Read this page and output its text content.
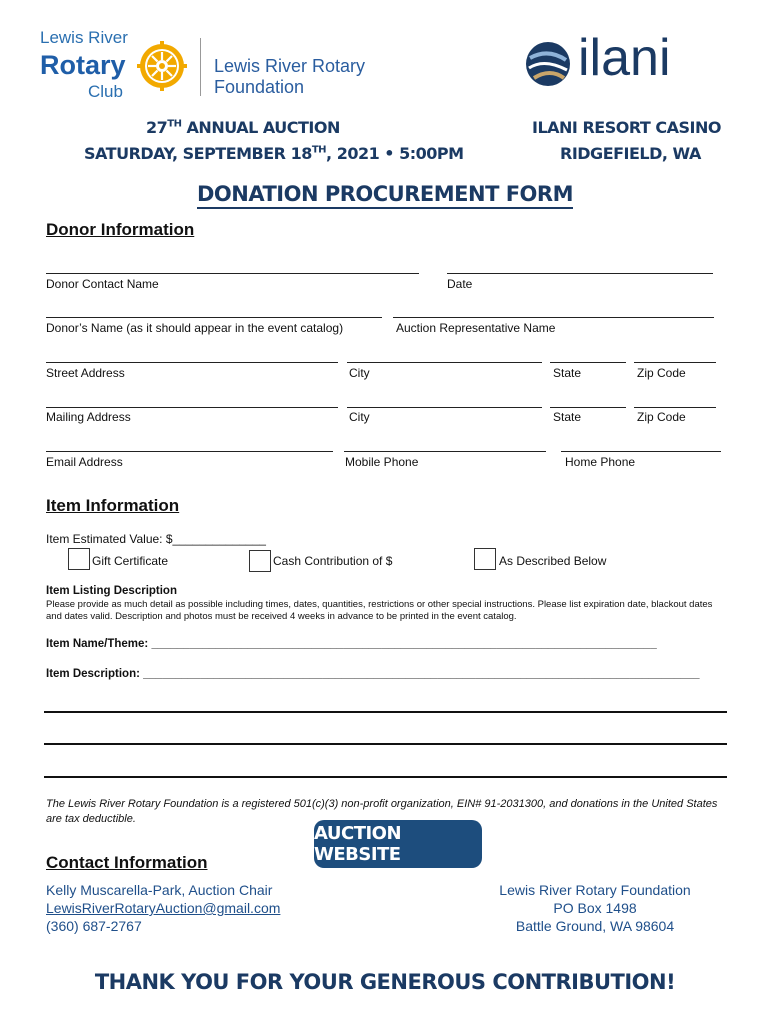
Lewis River
Rotary
Club
Lewis River Rotary Foundation	ilani
27TH ANNUAL AUCTION
SATURDAY, SEPTEMBER 18TH, 2021 • 5:00PM
ILANI RESORT CASINO
RIDGEFIELD, WA
DONATION PROCUREMENT FORM
Donor Information
Donor Contact Name	Date
Donor’s Name (as it should appear in the event catalog)	Auction Representative Name
Street Address	City	State	Zip Code
Mailing Address	City	State	Zip Code
Email Address	Mobile Phone	Home Phone
Item Information
Item Estimated Value: $______________
Gift Certificate	Cash Contribution of $	As Described Below
Item Listing Description
Please provide as much detail as possible including times, dates, quantities, restrictions or other special instructions. Please list expiration date, blackout dates and dates valid. Description and photos must be received 4 weeks in advance to be printed in the event catalog.
Item Name/Theme: _______________________________________________________________________________
Item Description: _______________________________________________________________________________________
The Lewis River Rotary Foundation is a registered 501(c)(3) non-profit organization, EIN# 91-2031300, and donations in the United States are tax deductible.
AUCTION WEBSITE
Contact Information
Kelly Muscarella-Park, Auction Chair
LewisRiverRotaryAuction@gmail.com
(360) 687-2767
Lewis River Rotary Foundation
PO Box 1498
Battle Ground, WA 98604
THANK YOU FOR YOUR GENEROUS CONTRIBUTION!
